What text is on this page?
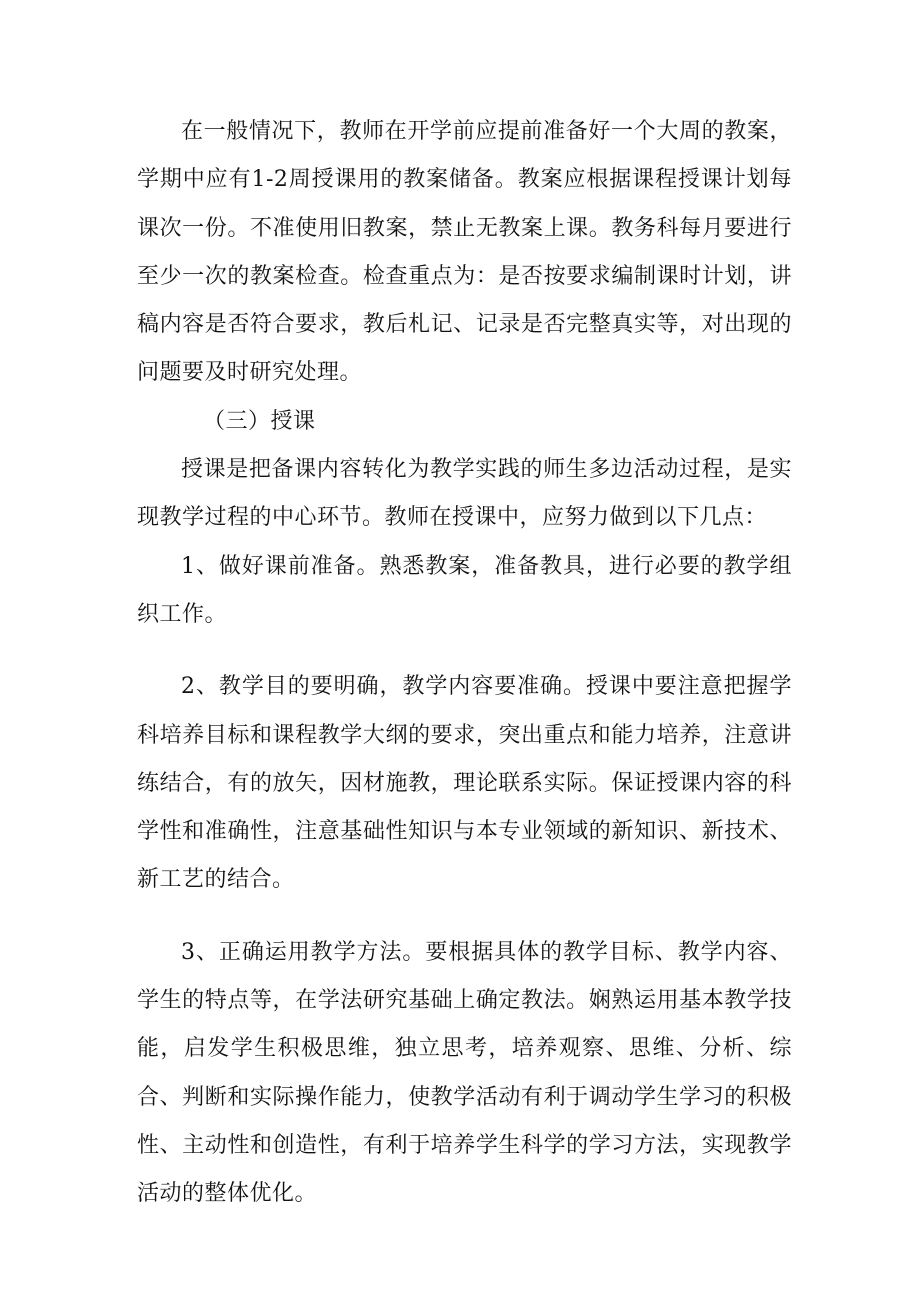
在一般情况下，教师在开学前应提前准备好一个大周的教案，学期中应有1-2周授课用的教案储备。教案应根据课程授课计划每课次一份。不准使用旧教案，禁止无教案上课。教务科每月要进行至少一次的教案检查。检查重点为：是否按要求编制课时计划，讲稿内容是否符合要求，教后札记、记录是否完整真实等，对出现的问题要及时研究处理。

（三）授课

授课是把备课内容转化为教学实践的师生多边活动过程，是实现教学过程的中心环节。教师在授课中，应努力做到以下几点：

1、做好课前准备。熟悉教案，准备教具，进行必要的教学组织工作。

2、教学目的要明确，教学内容要准确。授课中要注意把握学科培养目标和课程教学大纲的要求，突出重点和能力培养，注意讲练结合，有的放矢，因材施教，理论联系实际。保证授课内容的科学性和准确性，注意基础性知识与本专业领域的新知识、新技术、新工艺的结合。

3、正确运用教学方法。要根据具体的教学目标、教学内容、学生的特点等，在学法研究基础上确定教法。娴熟运用基本教学技能，启发学生积极思维，独立思考，培养观察、思维、分析、综合、判断和实际操作能力，使教学活动有利于调动学生学习的积极性、主动性和创造性，有利于培养学生科学的学习方法，实现教学活动的整体优化。
